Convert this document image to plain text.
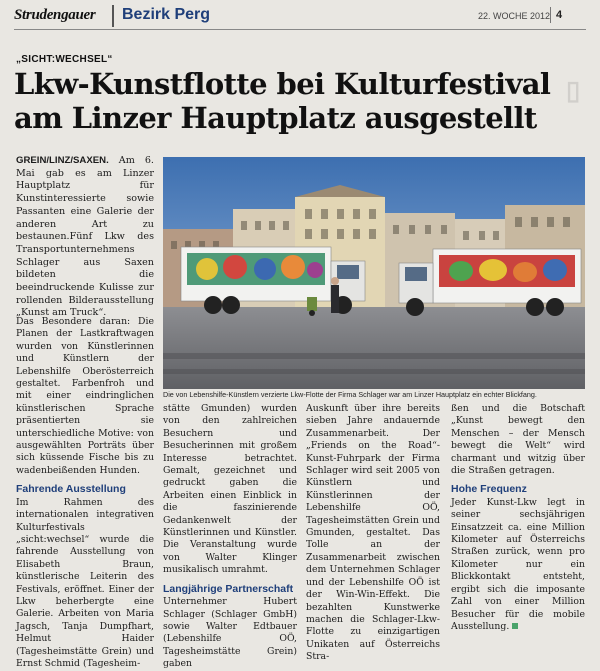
Strudengauer Bezirk Perg	22. WOCHE 2012 4
▯
„SICHT:WECHSEL“
Lkw-Kunstflotte bei Kulturfestival
am Linzer Hauptplatz ausgestellt

GREIN/LINZ/SAXEN. Am 6. Mai gab es am Linzer Hauptplatz für Kunstinteressierte sowie Passanten eine Galerie der anderen Art zu bestaunen.Fünf Lkw des Transportunternehmens Schlager aus Saxen bildeten die beeindruckende Kulisse zur rollenden Bilderausstellung „Kunst am Truck“.

Das Besondere daran: Die Planen der Lastkraftwagen wurden von Künstlerinnen und Künstlern der Lebenshilfe Oberösterreich gestaltet. Farbenfroh und mit einer eindringlichen künstlerischen Sprache präsentierten sie unterschiedliche Motive: von ausgewählten Porträts über sich küssende Fische bis zu wadenbeißenden Hunden.

Fahrende Ausstellung

Im Rahmen des internationalen integrativen Kulturfestivals „sicht:wechsel“ wurde die fahrende Ausstellung von Elisabeth Braun, künstlerische Leiterin des Festivals, eröffnet. Einer der Lkw beherbergte eine Galerie. Arbeiten von Maria Jagsch, Tanja Dumpfhart, Helmut Haider (Tagesheimstätte Grein) und Ernst Schmid (Tagesheim-

Die von Lebenshilfe-Künstlern verzierte Lkw-Flotte der Firma Schlager war am Linzer Hauptplatz ein echter Blickfang.

stätte Gmunden) wurden von den zahlreichen Besuchern und Besucherinnen mit großem Interesse betrachtet. Gemalt, gezeichnet und gedruckt gaben die Arbeiten einen Einblick in die faszinierende Gedankenwelt der Künstlerinnen und Künstler. Die Veranstaltung wurde von Walter Klinger musikalisch umrahmt.

Langjährige Partnerschaft

Unternehmer Hubert Schlager (Schlager GmbH) sowie Walter Edtbauer (Lebenshilfe OÖ, Tagesheimstätte Grein) gaben

Auskunft über ihre bereits sieben Jahre andauernde Zusammenarbeit. Der „Friends on the Road“-Kunst-Fuhrpark der Firma Schlager wird seit 2005 von Künstlern und Künstlerinnen der Lebenshilfe OÖ, Tagesheimstätten Grein und Gmunden, gestaltet. Das Tolle an der Zusammenarbeit zwischen dem Unternehmen Schlager und der Lebenshilfe OÖ ist der Win-Win-Effekt. Die bezahlten Kunstwerke machen die Schlager-Lkw-Flotte zu einzigartigen Unikaten auf Österreichs Stra-

ßen und die Botschaft „Kunst bewegt den Menschen – der Mensch bewegt die Welt“ wird charmant und witzig über die Straßen getragen.

Hohe Frequenz

Jeder Kunst-Lkw legt in seiner sechsjährigen Einsatzzeit ca. eine Million Kilometer auf Österreichs Straßen zurück, wenn pro Kilometer nur ein Blickkontakt entsteht, ergibt sich die imposante Zahl von einer Million Besucher für die mobile Ausstellung.
